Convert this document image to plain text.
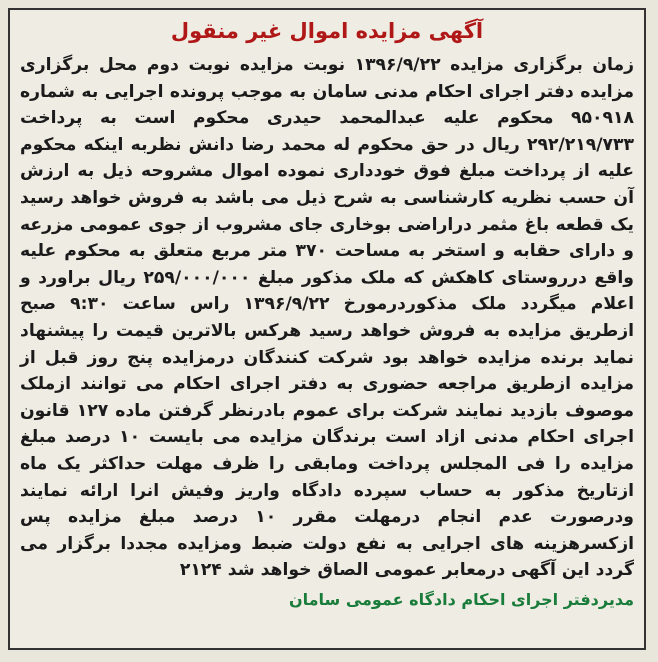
آگهی مزایده اموال غیر منقول

زمان برگزاری مزایده ۱۳۹۶/۹/۲۲ نوبت مزایده نوبت دوم محل برگزاری مزایده دفتر اجرای احکام مدنی سامان به موجب پرونده اجرایی به شماره ۹۵۰۹۱۸ محکوم علیه عبدالمحمد حیدری محکوم است به پرداخت ۲۹۲/۲۱۹/۷۳۳ ریال در حق محکوم له محمد رضا دانش نظربه اینکه محکوم علیه از پرداخت مبلغ فوق خودداری نموده اموال مشروحه ذیل به ارزش آن حسب نظریه کارشناسی به شرح ذیل می باشد به فروش خواهد رسید یک قطعه باغ مثمر دراراضی بوخاری جای مشروب از جوی عمومی مزرعه و دارای حقابه و استخر به مساحت ۳۷۰ متر مربع متعلق به محکوم علیه واقع درروستای کاهکش که ملک مذکور مبلغ ۲۵۹/۰۰۰/۰۰۰ ریال براورد و اعلام میگردد ملک مذکوردرمورخ ۱۳۹۶/۹/۲۲ راس ساعت ۹:۳۰ صبح ازطریق مزایده به فروش خواهد رسید هرکس بالاترین قیمت را پیشنهاد نماید برنده مزایده خواهد بود شرکت کنندگان درمزایده پنج روز قبل از مزایده ازطریق مراجعه حضوری به دفتر اجرای احکام می توانند ازملک موصوف بازدید نمایند شرکت برای عموم بادرنظر گرفتن ماده ۱۲۷ قانون اجرای احکام مدنی ازاد است برندگان مزایده می بایست ۱۰ درصد مبلغ مزایده را فی المجلس پرداخت ومابقی را ظرف مهلت حداکثر یک ماه ازتاریخ مذکور به حساب سپرده دادگاه واریز وفیش انرا ارائه نمایند ودرصورت عدم انجام درمهلت مقرر ۱۰ درصد مبلغ مزایده پس ازکسرهزینه های اجرایی به نفع دولت ضبط ومزایده مجددا برگزار می گردد این آگهی درمعابر عمومی الصاق خواهد شد ۲۱۲۴

مدیردفتر اجرای احکام دادگاه عمومی سامان
